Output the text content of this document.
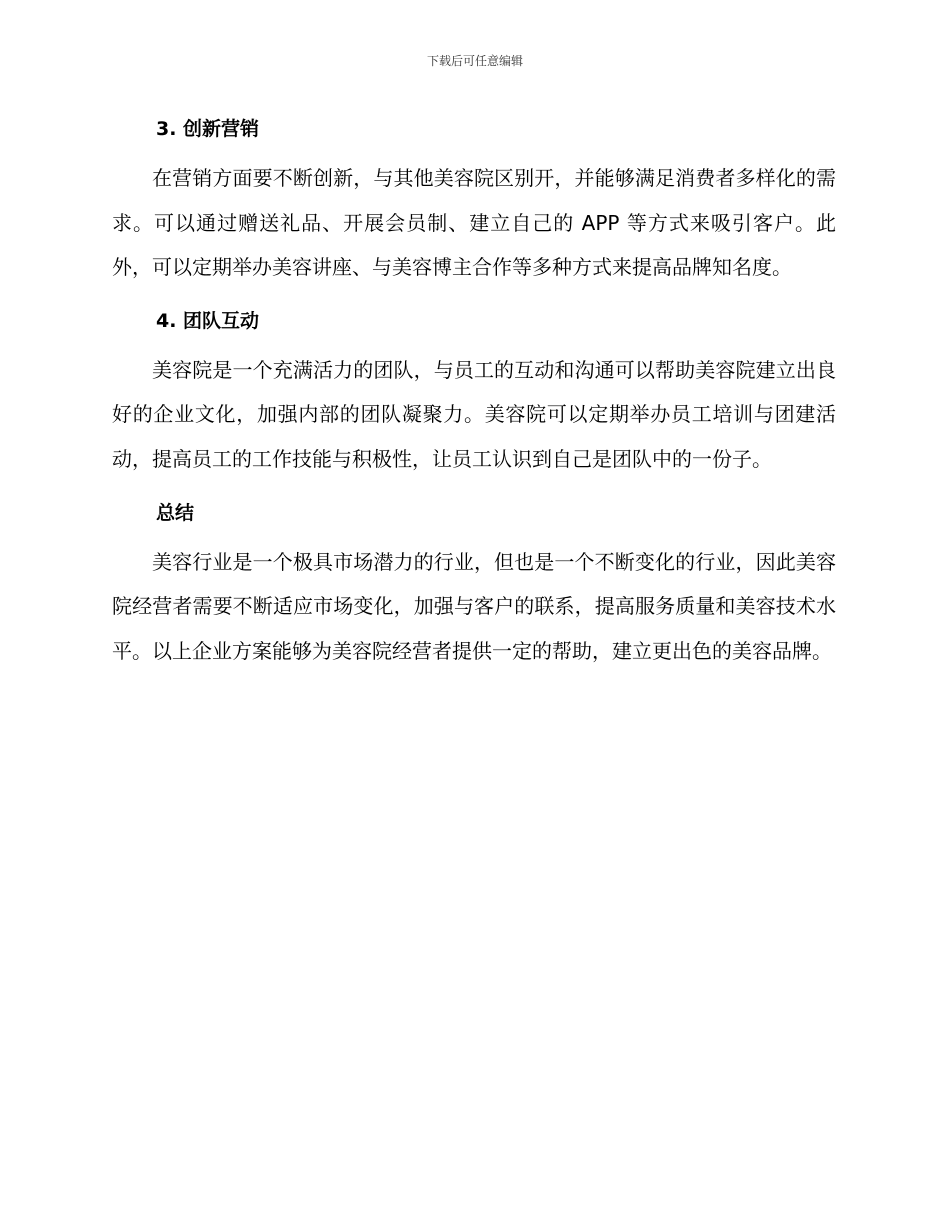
下载后可任意编辑
3. 创新营销

在营销方面要不断创新，与其他美容院区别开，并能够满足消费者多样化的需求。可以通过赠送礼品、开展会员制、建立自己的 APP 等方式来吸引客户。此外，可以定期举办美容讲座、与美容博主合作等多种方式来提高品牌知名度。

4. 团队互动

美容院是一个充满活力的团队，与员工的互动和沟通可以帮助美容院建立出良好的企业文化，加强内部的团队凝聚力。美容院可以定期举办员工培训与团建活动，提高员工的工作技能与积极性，让员工认识到自己是团队中的一份子。

总结

美容行业是一个极具市场潜力的行业，但也是一个不断变化的行业，因此美容院经营者需要不断适应市场变化，加强与客户的联系，提高服务质量和美容技术水平。以上企业方案能够为美容院经营者提供一定的帮助，建立更出色的美容品牌。
